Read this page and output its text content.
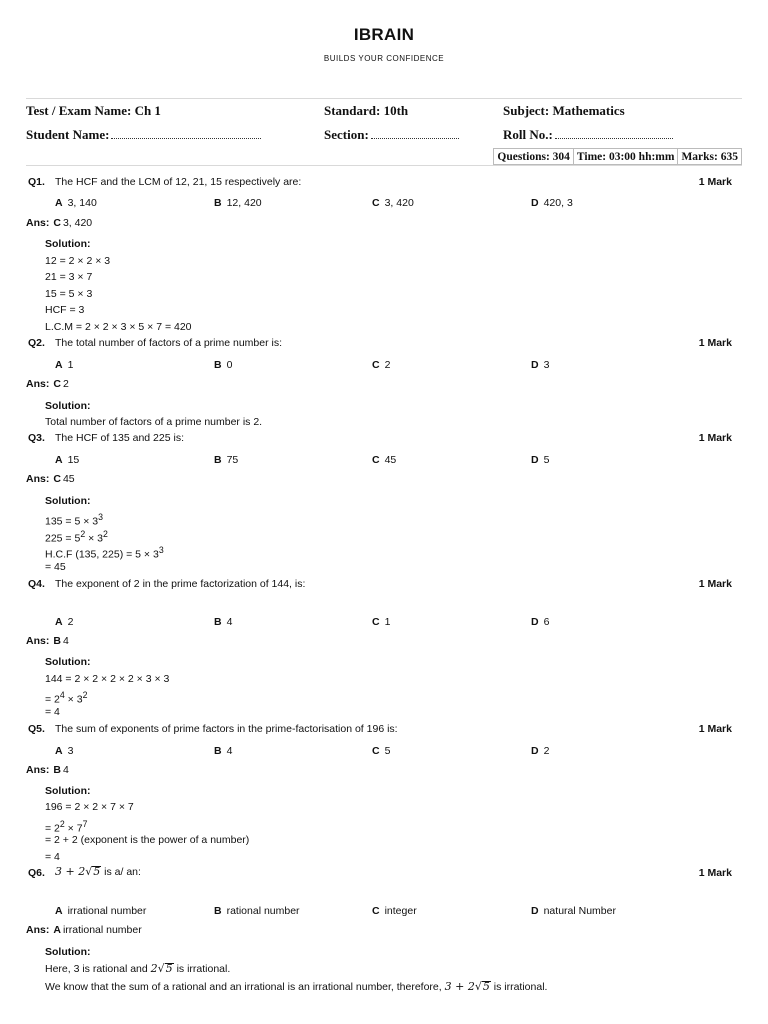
IBRAIN
BUILDS YOUR CONFIDENCE
Test / Exam Name: Ch 1	Standard: 10th	Subject: Mathematics
Student Name:	Section:	Roll No.:
Questions: 304 Time: 03:00 hh:mm Marks: 635
Q1. The HCF and the LCM of 12, 21, 15 respectively are:	1 Mark
A 3, 140	B 12, 420	C 3, 420	D 420, 3
Ans: C 3, 420
Solution:
12 = 2 × 2 × 3
21 = 3 × 7
15 = 5 × 3
HCF = 3
L.C.M = 2 × 2 × 3 × 5 × 7 = 420
Q2. The total number of factors of a prime number is:	1 Mark
A 1	B 0	C 2	D 3
Ans: C 2
Solution:
Total number of factors of a prime number is 2.
Q3. The HCF of 135 and 225 is:	1 Mark
A 15	B 75	C 45	D 5
Ans: C 45
Solution:
$135 = 5 \times 3^3$
$225 = 5^2 \times 3^2$
H.C.F (135, $225) = 5 \times 3^3$
= 45
Q4. The exponent of 2 in the prime factorization of 144, is:	1 Mark
A 2	B 4	C 1	D 6
Ans: B 4
Solution:
144 = 2 × 2 × 2 × 2 × 3 × 3
= $2^4 \times 3^2$
= 4
Q5. The sum of exponents of prime factors in the prime-factorisation of 196 is:	1 Mark
A 3	B 4	C 5	D 2
Ans: B 4
Solution:
196 = 2 × 2 × 7 × 7
= $2^2 \times 7^7$
= 2 + 2 (exponent is the power of a number)
= 4
Q6. 3 + 2√5 is a/ an:	1 Mark
A irrational number	B rational number	C integer	D natural Number
Ans: A irrational number
Solution:
Here, 3 is rational and 2√5 is irrational.
We know that the sum of a rational and an irrational is an irrational number, therefore, 3 + 2√5 is irrational.
